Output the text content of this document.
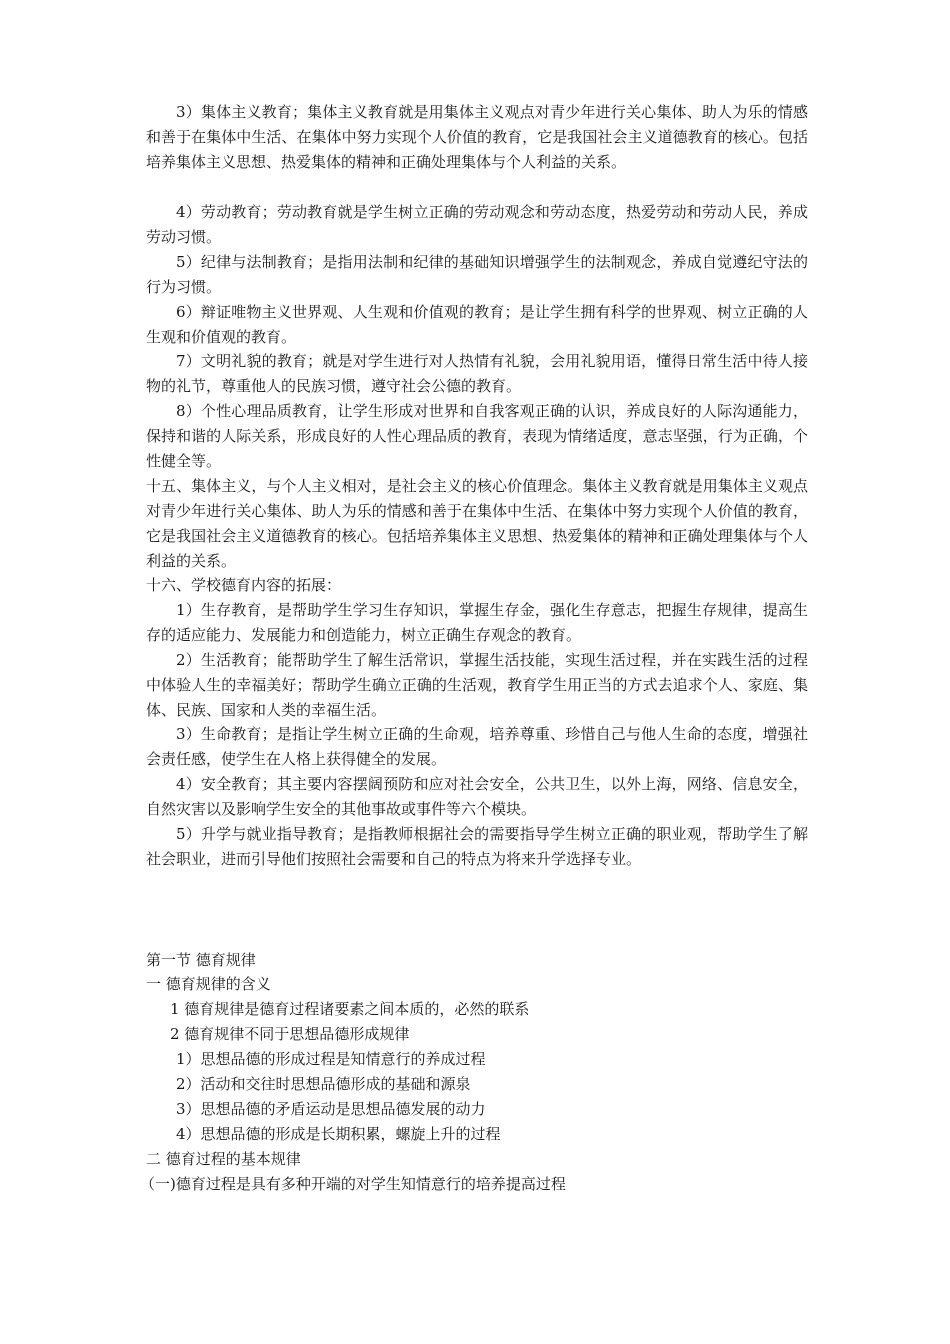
3）集体主义教育；集体主义教育就是用集体主义观点对青少年进行关心集体、助人为乐的情感和善于在集体中生活、在集体中努力实现个人价值的教育，它是我国社会主义道德教育的核心。包括培养集体主义思想、热爱集体的精神和正确处理集体与个人利益的关系。

4）劳动教育；劳动教育就是学生树立正确的劳动观念和劳动态度，热爱劳动和劳动人民，养成劳动习惯。

5）纪律与法制教育；是指用法制和纪律的基础知识增强学生的法制观念，养成自觉遵纪守法的行为习惯。

6）辩证唯物主义世界观、人生观和价值观的教育；是让学生拥有科学的世界观、树立正确的人生观和价值观的教育。

7）文明礼貌的教育；就是对学生进行对人热情有礼貌，会用礼貌用语，懂得日常生活中待人接物的礼节，尊重他人的民族习惯，遵守社会公德的教育。

8）个性心理品质教育，让学生形成对世界和自我客观正确的认识，养成良好的人际沟通能力，保持和谐的人际关系，形成良好的人性心理品质的教育，表现为情绪适度，意志坚强，行为正确，个性健全等。

十五、集体主义，与个人主义相对，是社会主义的核心价值理念。集体主义教育就是用集体主义观点对青少年进行关心集体、助人为乐的情感和善于在集体中生活、在集体中努力实现个人价值的教育，它是我国社会主义道德教育的核心。包括培养集体主义思想、热爱集体的精神和正确处理集体与个人利益的关系。

十六、学校德育内容的拓展：

1）生存教育，是帮助学生学习生存知识，掌握生存金，强化生存意志，把握生存规律，提高生存的适应能力、发展能力和创造能力，树立正确生存观念的教育。

2）生活教育；能帮助学生了解生活常识，掌握生活技能，实现生活过程，并在实践生活的过程中体验人生的幸福美好；帮助学生确立正确的生活观，教育学生用正当的方式去追求个人、家庭、集体、民族、国家和人类的幸福生活。

3）生命教育；是指让学生树立正确的生命观，培养尊重、珍惜自己与他人生命的态度，增强社会责任感，使学生在人格上获得健全的发展。

4）安全教育；其主要内容摆阔预防和应对社会安全，公共卫生，以外上海，网络、信息安全，自然灾害以及影响学生安全的其他事故或事件等六个模块。

5）升学与就业指导教育；是指教师根据社会的需要指导学生树立正确的职业观，帮助学生了解社会职业，进而引导他们按照社会需要和自己的特点为将来升学选择专业。

第一节 德育规律

一 德育规律的含义

1 德育规律是德育过程诸要素之间本质的，必然的联系

2 德育规律不同于思想品德形成规律

1）思想品德的形成过程是知情意行的养成过程

2）活动和交往时思想品德形成的基础和源泉

3）思想品德的矛盾运动是思想品德发展的动力

4）思想品德的形成是长期积累，螺旋上升的过程

二 德育过程的基本规律

（一)德育过程是具有多种开端的对学生知情意行的培养提高过程
